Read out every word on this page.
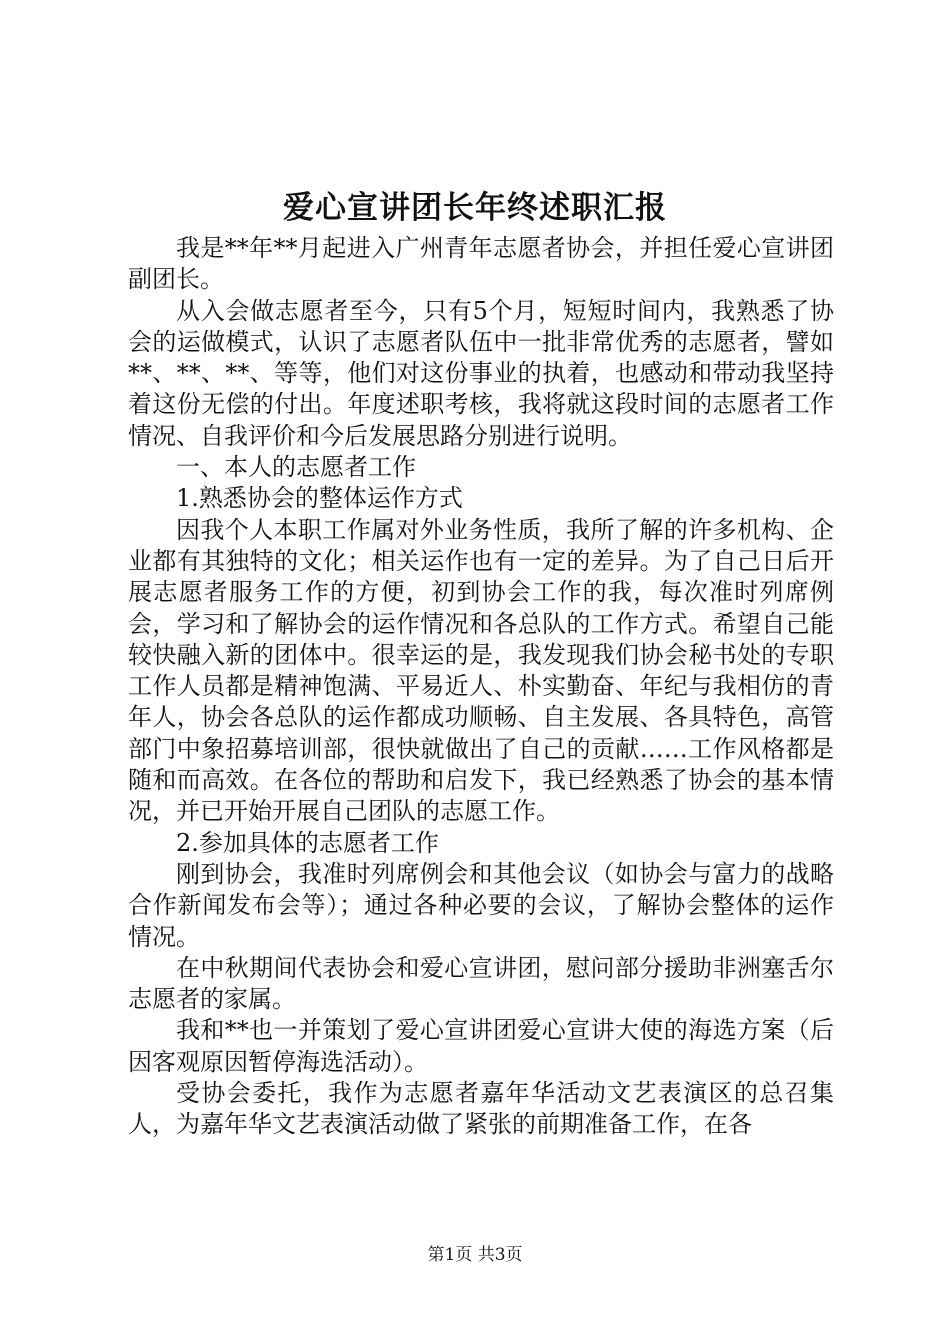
爱心宣讲团长年终述职汇报

我是**年**月起进入广州青年志愿者协会，并担任爱心宣讲团副团长。

从入会做志愿者至今，只有5个月，短短时间内，我熟悉了协会的运做模式，认识了志愿者队伍中一批非常优秀的志愿者，譬如**、**、**、等等，他们对这份事业的执着，也感动和带动我坚持着这份无偿的付出。年度述职考核，我将就这段时间的志愿者工作情况、自我评价和今后发展思路分别进行说明。

一、本人的志愿者工作

1.熟悉协会的整体运作方式

因我个人本职工作属对外业务性质，我所了解的许多机构、企业都有其独特的文化；相关运作也有一定的差异。为了自己日后开展志愿者服务工作的方便，初到协会工作的我，每次准时列席例会，学习和了解协会的运作情况和各总队的工作方式。希望自己能较快融入新的团体中。很幸运的是，我发现我们协会秘书处的专职工作人员都是精神饱满、平易近人、朴实勤奋、年纪与我相仿的青年人，协会各总队的运作都成功顺畅、自主发展、各具特色，高管部门中象招募培训部，很快就做出了自己的贡献……工作风格都是随和而高效。在各位的帮助和启发下，我已经熟悉了协会的基本情况，并已开始开展自己团队的志愿工作。

2.参加具体的志愿者工作

刚到协会，我准时列席例会和其他会议（如协会与富力的战略合作新闻发布会等）；通过各种必要的会议，了解协会整体的运作情况。

在中秋期间代表协会和爱心宣讲团，慰问部分援助非洲塞舌尔志愿者的家属。

我和**也一并策划了爱心宣讲团爱心宣讲大使的海选方案（后因客观原因暂停海选活动）。

受协会委托，我作为志愿者嘉年华活动文艺表演区的总召集人，为嘉年华文艺表演活动做了紧张的前期准备工作，在各

第1页 共3页
